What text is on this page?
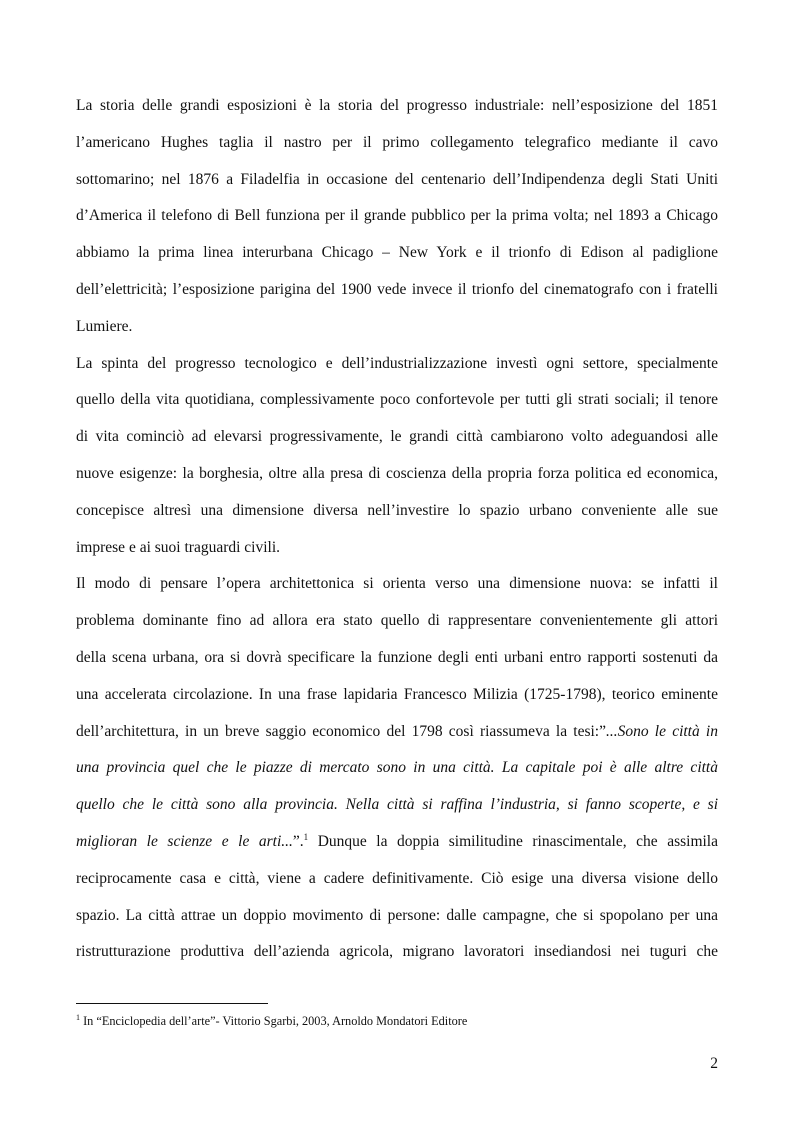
La storia delle grandi esposizioni è la storia del progresso industriale: nell’esposizione del 1851
l’americano Hughes taglia il nastro per il primo collegamento telegrafico mediante il cavo
sottomarino; nel 1876 a Filadelfia in occasione del centenario dell’Indipendenza degli Stati Uniti
d’America il telefono di Bell funziona per il grande pubblico per la prima volta; nel 1893 a Chicago
abbiamo la prima linea interurbana Chicago – New York e il trionfo di Edison al padiglione
dell’elettricità; l’esposizione parigina del 1900 vede invece il trionfo del cinematografo con i fratelli
Lumiere.

La spinta del progresso tecnologico e dell’industrializzazione investì ogni settore, specialmente
quello della vita quotidiana, complessivamente poco confortevole per tutti gli strati sociali; il tenore
di vita cominciò ad elevarsi progressivamente, le grandi città cambiarono volto adeguandosi alle
nuove esigenze: la borghesia, oltre alla presa di coscienza della propria forza politica ed economica,
concepisce altresì una dimensione diversa nell’investire lo spazio urbano conveniente alle sue
imprese e ai suoi traguardi civili.

Il modo di pensare l’opera architettonica si orienta verso una dimensione nuova: se infatti il
problema dominante fino ad allora era stato quello di rappresentare convenientemente gli attori
della scena urbana, ora si dovrà specificare la funzione degli enti urbani entro rapporti sostenuti da
una accelerata circolazione. In una frase lapidaria Francesco Milizia (1725-1798), teorico eminente
dell’architettura, in un breve saggio economico del 1798 così riassumeva la tesi:”...Sono le città in
una provincia quel che le piazze di mercato sono in una città. La capitale poi è alle altre città
quello che le città sono alla provincia. Nella città si raffina l’industria, si fanno scoperte, e si
miglioran le scienze e le arti...”.$^1$ Dunque la doppia similitudine rinascimentale, che assimila
reciprocamente casa e città, viene a cadere definitivamente. Ciò esige una diversa visione dello
spazio. La città attrae un doppio movimento di persone: dalle campagne, che si spopolano per una
ristrutturazione produttiva dell’azienda agricola, migrano lavoratori insediandosi nei tuguri che

$^1$ In “Enciclopedia dell’arte”- Vittorio Sgarbi, 2003, Arnoldo Mondatori Editore
2
